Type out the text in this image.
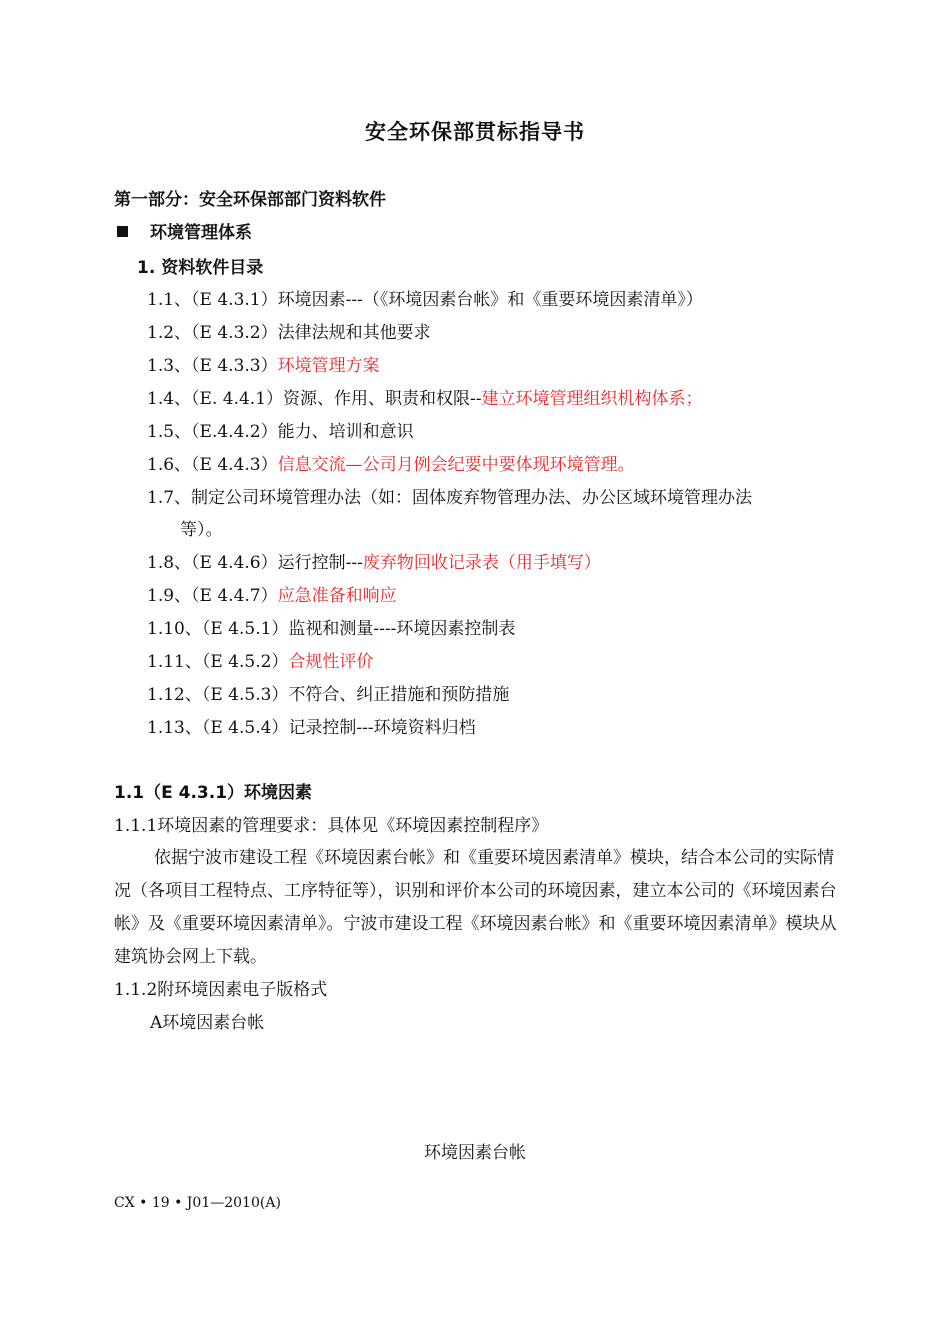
安全环保部贯标指导书
第一部分：安全环保部部门资料软件
环境管理体系
1. 资料软件目录
1.1、（E 4.3.1）环境因素---（《环境因素台帐》和《重要环境因素清单》）
1.2、（E 4.3.2）法律法规和其他要求
1.3、（E 4.3.3）环境管理方案
1.4、（E. 4.4.1）资源、作用、职责和权限--建立环境管理组织机构体系；
1.5、（E.4.4.2）能力、培训和意识
1.6、（E 4.4.3）信息交流—公司月例会纪要中要体现环境管理。
1.7、制定公司环境管理办法（如：固体废弃物管理办法、办公区域环境管理办法
等）。
1.8、（E 4.4.6）运行控制---废弃物回收记录表（用手填写）
1.9、（E 4.4.7）应急准备和响应
1.10、（E 4.5.1）监视和测量----环境因素控制表
1.11、（E 4.5.2）合规性评价
1.12、（E 4.5.3）不符合、纠正措施和预防措施
1.13、（E 4.5.4）记录控制---环境资料归档
1.1（E 4.3.1）环境因素
1.1.1环境因素的管理要求：具体见《环境因素控制程序》
依据宁波市建设工程《环境因素台帐》和《重要环境因素清单》模块，结合本公司的实际情况（各项目工程特点、工序特征等），识别和评价本公司的环境因素，建立本公司的《环境因素台帐》及《重要环境因素清单》。宁波市建设工程《环境因素台帐》和《重要环境因素清单》模块从建筑协会网上下载。
1.1.2附环境因素电子版格式
A环境因素台帐
环境因素台帐
CX • 19 • J01—2010(A)
